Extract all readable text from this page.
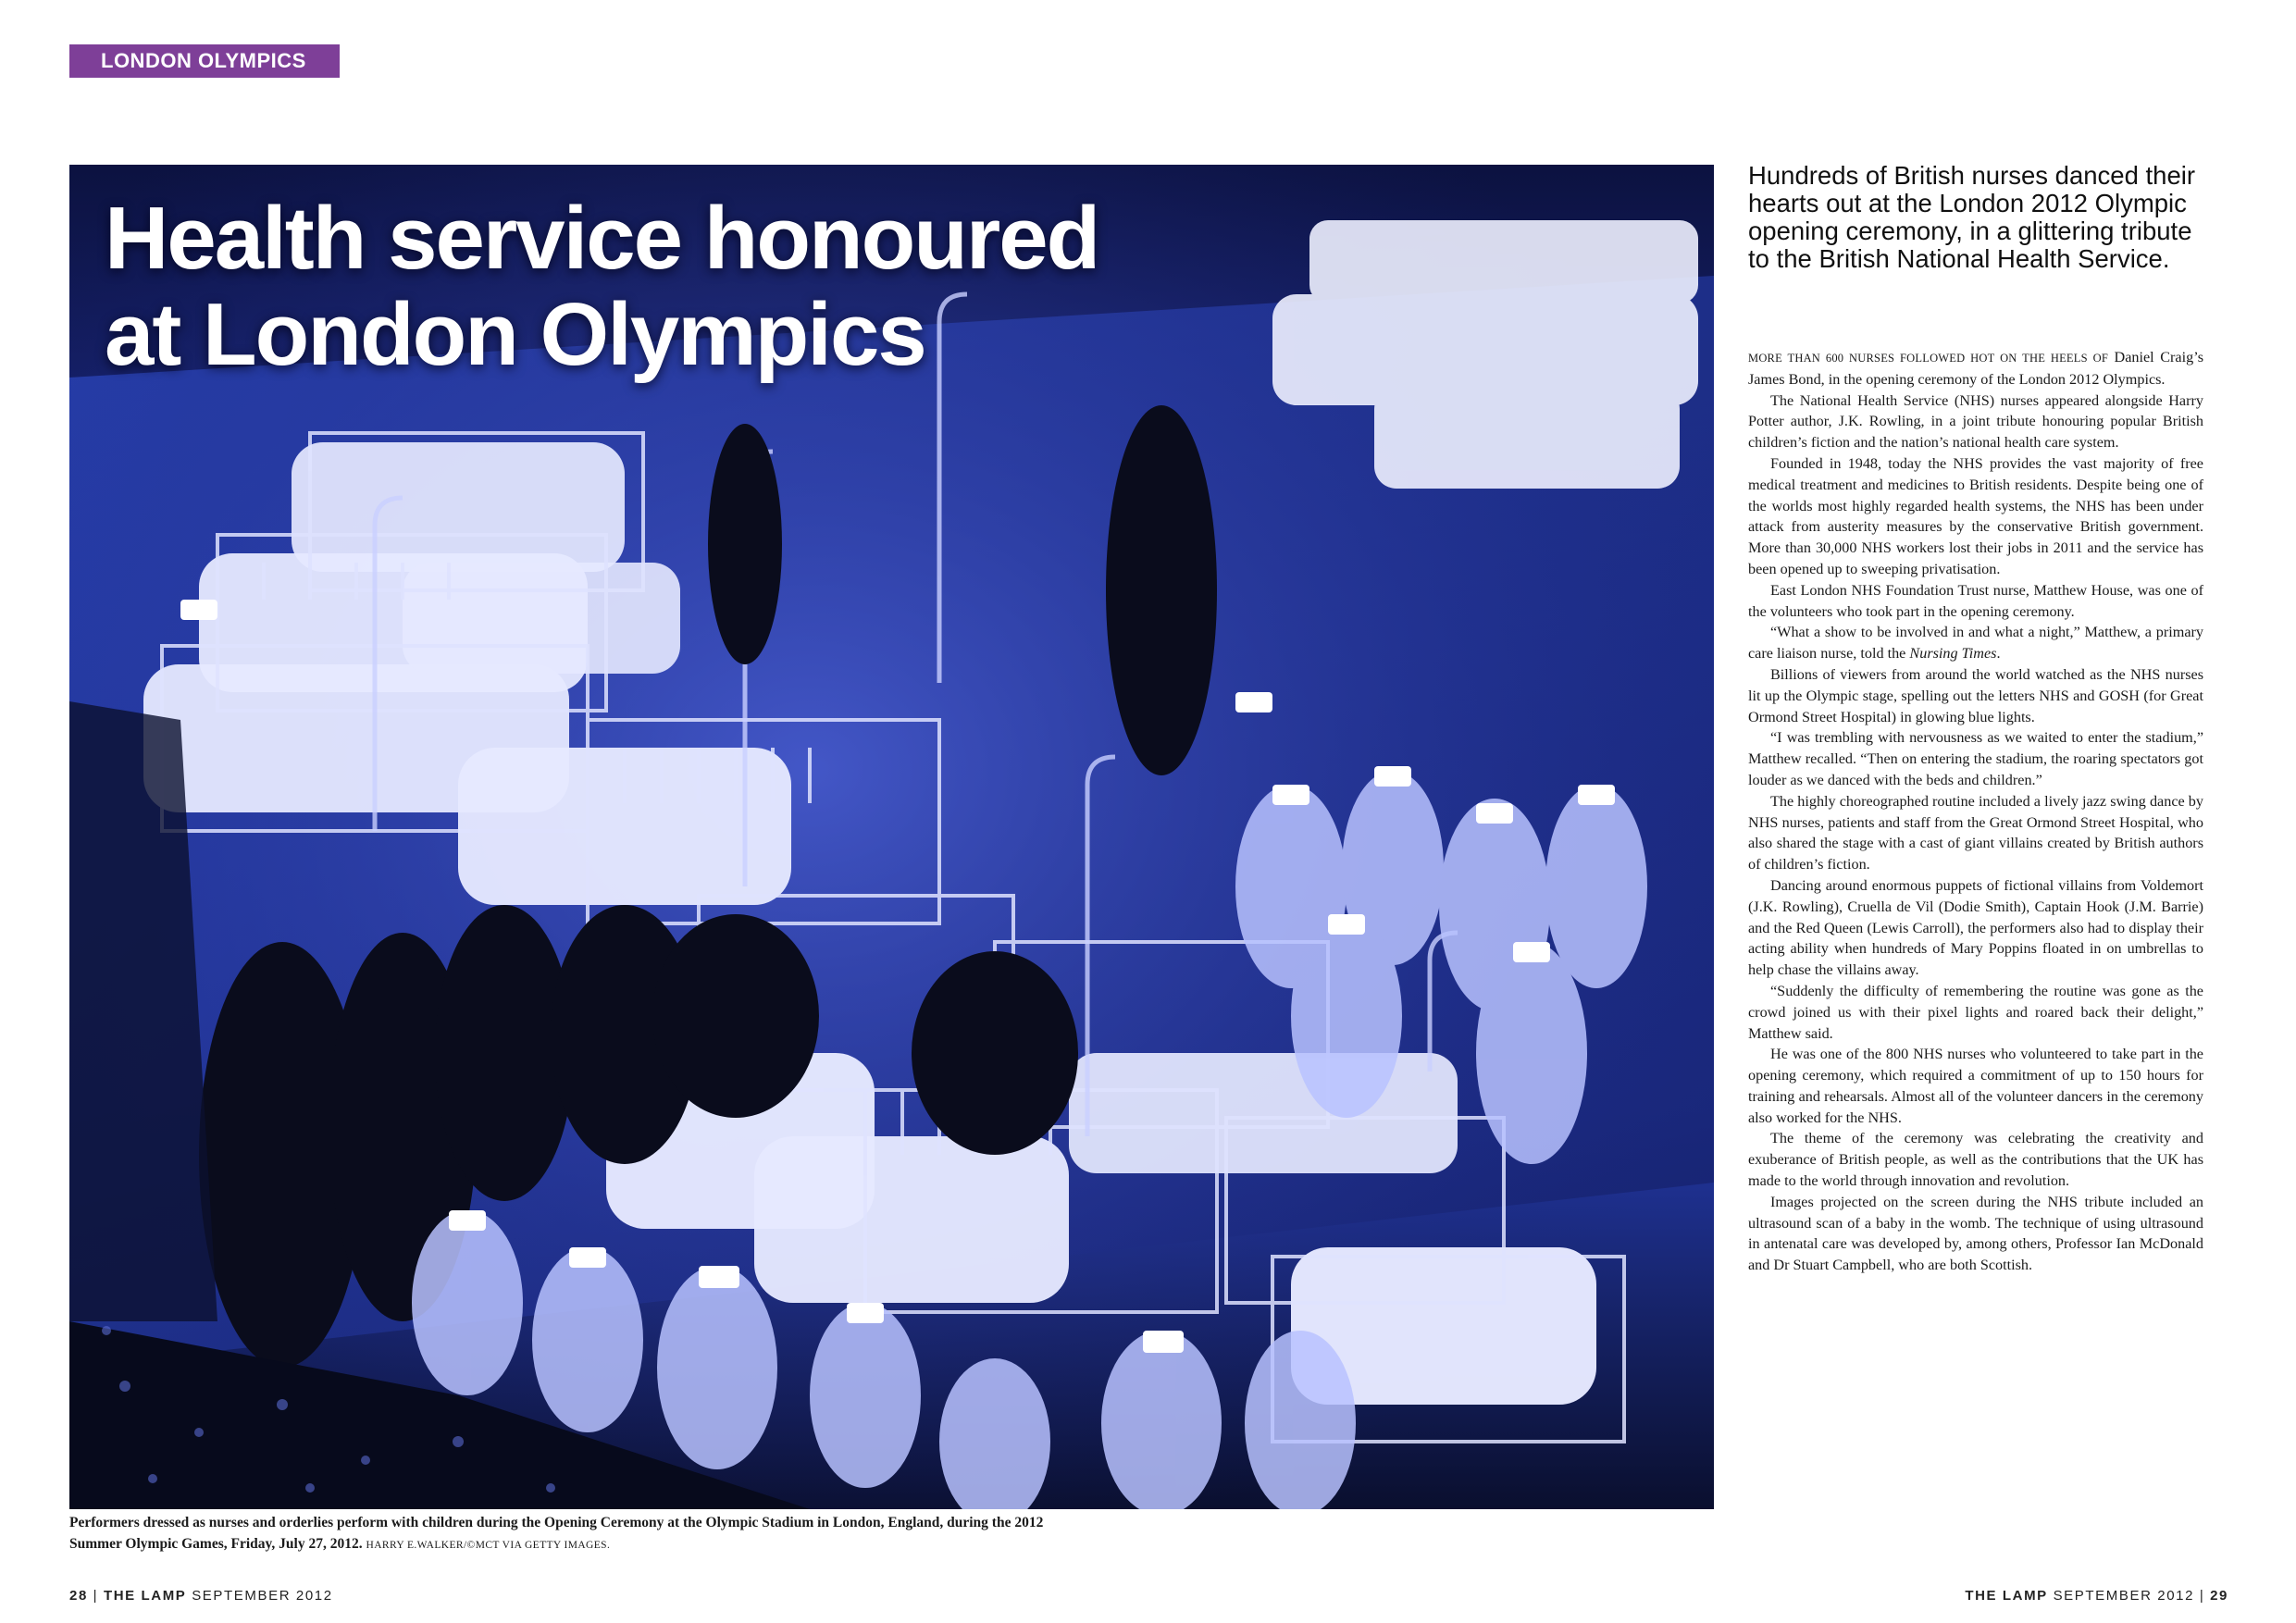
LONDON OLYMPICS
Health service honoured
at London Olympics

Performers dressed as nurses and orderlies perform with children during the Opening Ceremony at the Olympic Stadium in London, England, during the 2012 Summer Olympic Games, Friday, July 27, 2012. HARRY E.WALKER/©MCT VIA GETTY IMAGES.

Hundreds of British nurses danced their hearts out at the London 2012 Olympic opening ceremony, in a glittering tribute to the British National Health Service.

MORE THAN 600 NURSES FOLLOWED HOT ON THE HEELS OF Daniel Craig’s James Bond, in the opening ceremony of the London 2012 Olympics.

The National Health Service (NHS) nurses appeared alongside Harry Potter author, J.K. Rowling, in a joint tribute honouring popular British children’s fiction and the nation’s national health care system.

Founded in 1948, today the NHS provides the vast majority of free medical treatment and medicines to British residents. Despite being one of the worlds most highly regarded health systems, the NHS has been under attack from austerity measures by the conservative British government. More than 30,000 NHS workers lost their jobs in 2011 and the service has been opened up to sweeping privatisation.

East London NHS Foundation Trust nurse, Matthew House, was one of the volunteers who took part in the opening ceremony.

“What a show to be involved in and what a night,” Matthew, a primary care liaison nurse, told the Nursing Times.

Billions of viewers from around the world watched as the NHS nurses lit up the Olympic stage, spelling out the letters NHS and GOSH (for Great Ormond Street Hospital) in glowing blue lights.

“I was trembling with nervousness as we waited to enter the stadium,” Matthew recalled. “Then on entering the stadium, the roaring spectators got louder as we danced with the beds and children.”

The highly choreographed routine included a lively jazz swing dance by NHS nurses, patients and staff from the Great Ormond Street Hospital, who also shared the stage with a cast of giant villains created by British authors of children’s fiction.

Dancing around enormous puppets of fictional villains from Voldemort (J.K. Rowling), Cruella de Vil (Dodie Smith), Captain Hook (J.M. Barrie) and the Red Queen (Lewis Carroll), the performers also had to display their acting ability when hundreds of Mary Poppins floated in on umbrellas to help chase the villains away.

“Suddenly the difficulty of remembering the routine was gone as the crowd joined us with their pixel lights and roared back their delight,” Matthew said.

He was one of the 800 NHS nurses who volunteered to take part in the opening ceremony, which required a commitment of up to 150 hours for training and rehearsals. Almost all of the volunteer dancers in the ceremony also worked for the NHS.

The theme of the ceremony was celebrating the creativity and exuberance of British people, as well as the contributions that the UK has made to the world through innovation and revolution.

Images projected on the screen during the NHS tribute included an ultrasound scan of a baby in the womb. The technique of using ultrasound in antenatal care was developed by, among others, Professor Ian McDonald and Dr Stuart Campbell, who are both Scottish.

28 | THE LAMP SEPTEMBER 2012	THE LAMP SEPTEMBER 2012 | 29
